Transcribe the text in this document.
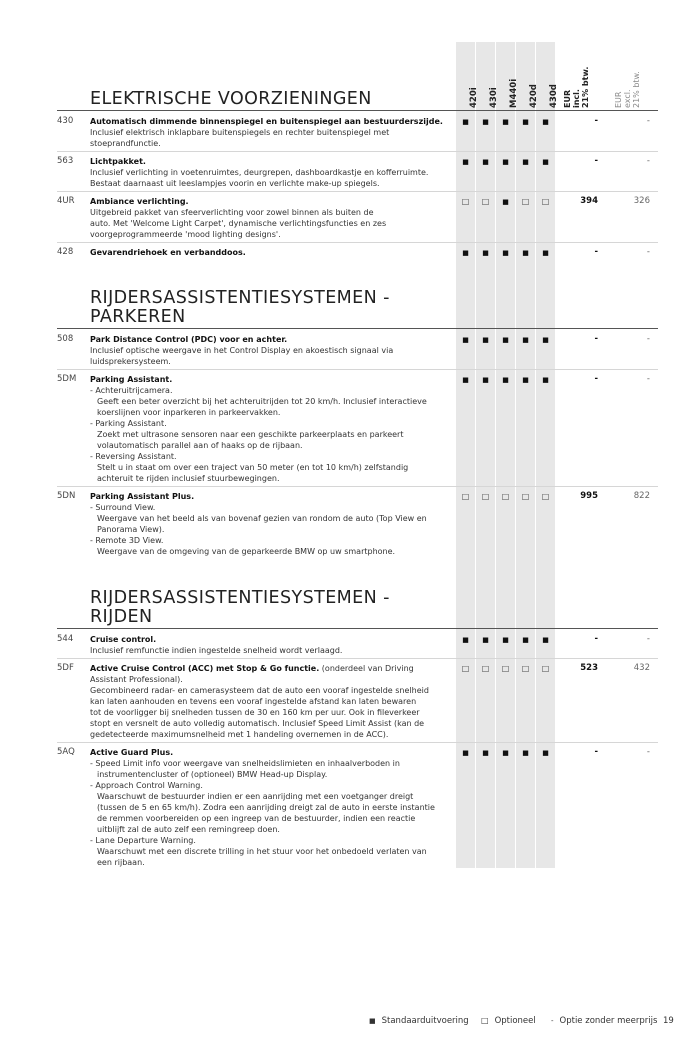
420i 430i M440i 420d 430d EUR incl. 21% btw.	EUR excl. 21% btw.
ELEKTRISCHE VOORZIENINGEN
430 Automatisch dimmende binnenspiegel en buitenspiegel aan bestuurderszijde.
Inclusief elektrisch inklapbare buitenspiegels en rechter buitenspiegel met
stoeprandfunctie.
■	■	■	■	■	-	-
563 Lichtpakket.
Inclusief verlichting in voetenruimtes, deurgrepen, dashboardkastje en kofferruimte.
Bestaat daarnaast uit leeslampjes voorin en verlichte make-up spiegels.
■	■	■	■	■	-	-
4UR Ambiance verlichting.
Uitgebreid pakket van sfeerverlichting voor zowel binnen als buiten de
auto. Met 'Welcome Light Carpet', dynamische verlichtingsfuncties en zes
voorgeprogrammeerde 'mood lighting designs'.
□	□	■	□	□	394	326
428 Gevarendriehoek en verbanddoos.	■	■	■	■	■	-	-
RIJDERSASSISTENTIESYSTEMEN -
PARKEREN
508 Park Distance Control (PDC) voor en achter.
Inclusief optische weergave in het Control Display en akoestisch signaal via
luidsprekersysteem.
■	■	■	■	■	-	-
5DM Parking Assistant.
- Achteruitrijcamera.
Geeft een beter overzicht bij het achteruitrijden tot 20 km/h. Inclusief interactieve
koerslijnen voor inparkeren in parkeervakken.
- Parking Assistant.
Zoekt met ultrasone sensoren naar een geschikte parkeerplaats en parkeert
volautomatisch parallel aan of haaks op de rijbaan.
- Reversing Assistant.
Stelt u in staat om over een traject van 50 meter (en tot 10 km/h) zelfstandig
achteruit te rijden inclusief stuurbewegingen.
■	■	■	■	■	-	-
5DN Parking Assistant Plus.
- Surround View.
Weergave van het beeld als van bovenaf gezien van rondom de auto (Top View en
Panorama View).
- Remote 3D View.
Weergave van de omgeving van de geparkeerde BMW op uw smartphone.
□	□	□	□	□	995	822
RIJDERSASSISTENTIESYSTEMEN -
RIJDEN
544 Cruise control.
Inclusief remfunctie indien ingestelde snelheid wordt verlaagd.
■	■	■	■	■	-	-
5DF Active Cruise Control (ACC) met Stop & Go functie. (onderdeel van Driving
Assistant Professional).
Gecombineerd radar- en camerasysteem dat de auto een vooraf ingestelde snelheid
kan laten aanhouden en tevens een vooraf ingestelde afstand kan laten bewaren
tot de voorligger bij snelheden tussen de 30 en 160 km per uur. Ook in fileverkeer
stopt en versnelt de auto volledig automatisch. Inclusief Speed Limit Assist (kan de
gedetecteerde maximumsnelheid met 1 handeling overnemen in de ACC).
□	□	□	□	□	523	432
5AQ Active Guard Plus.
- Speed Limit info voor weergave van snelheidslimieten en inhaalverboden in
instrumentencluster of (optioneel) BMW Head-up Display.
- Approach Control Warning.
Waarschuwt de bestuurder indien er een aanrijding met een voetganger dreigt
(tussen de 5 en 65 km/h). Zodra een aanrijding dreigt zal de auto in eerste instantie
de remmen voorbereiden op een ingreep van de bestuurder, indien een reactie
uitblijft zal de auto zelf een remingreep doen.
- Lane Departure Warning.
Waarschuwt met een discrete trilling in het stuur voor het onbedoeld verlaten van
een rijbaan.
■	■	■	■	■	-	-
■ Standaarduitvoering □ Optioneel - Optie zonder meerprijs 19
